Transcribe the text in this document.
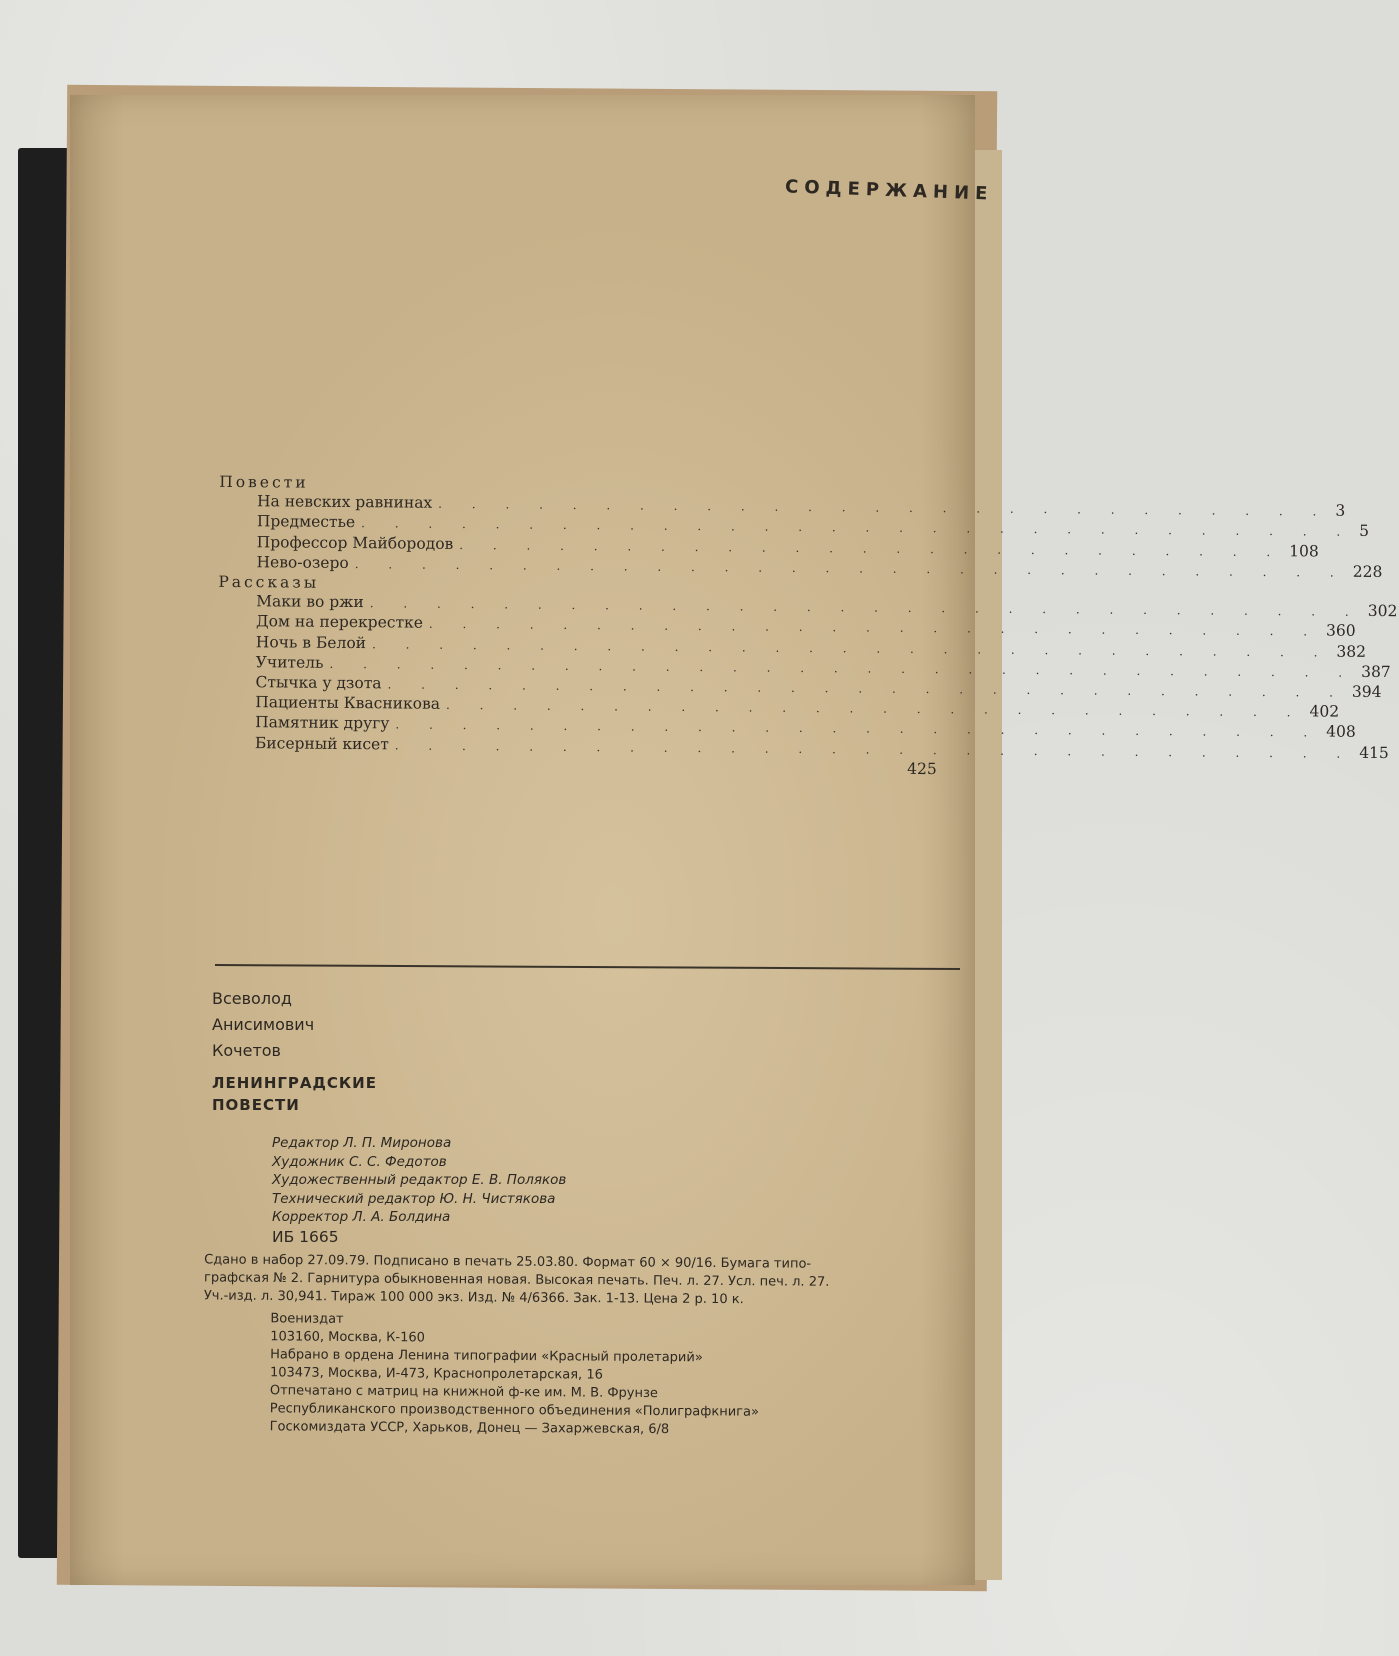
СОДЕРЖАНИЕ
Повести
На невских равнинах . . . . . . . . . . . . . . . . . . . . . . . . . . . 3
Предместье . . . . . . . . . . . . . . . . . . . . . . . . . . . . . . 5
Профессор Майбородов . . . . . . . . . . . . . . . . . . . . . . . . . 108
Нево-озеро . . . . . . . . . . . . . . . . . . . . . . . . . . . . . . 228
Рассказы
Маки во ржи . . . . . . . . . . . . . . . . . . . . . . . . . . . . . . 302
Дом на перекрестке . . . . . . . . . . . . . . . . . . . . . . . . . . . 360
Ночь в Белой . . . . . . . . . . . . . . . . . . . . . . . . . . . . . 382
Учитель . . . . . . . . . . . . . . . . . . . . . . . . . . . . . . . 387
Стычка у дзота . . . . . . . . . . . . . . . . . . . . . . . . . . . . . 394
Пациенты Квасникова . . . . . . . . . . . . . . . . . . . . . . . . . . 402
Памятник другу . . . . . . . . . . . . . . . . . . . . . . . . . . . . 408
Бисерный кисет . . . . . . . . . . . . . . . . . . . . . . . . . . . . . 415
425
Всеволод
Анисимович
Кочетов
ЛЕНИНГРАДСКИЕ
ПОВЕСТИ
Редактор Л. П. Миронова
Художник С. С. Федотов
Художественный редактор Е. В. Поляков
Технический редактор Ю. Н. Чистякова
Корректор Л. А. Болдина
ИБ 1665
Сдано в набор 27.09.79. Подписано в печать 25.03.80. Формат 60 × 90/16. Бумага типо-
графская № 2. Гарнитура обыкновенная новая. Высокая печать. Печ. л. 27. Усл. печ. л. 27.
Уч.-изд. л. 30,941. Тираж 100 000 экз. Изд. № 4/6366. Зак. 1-13. Цена 2 р. 10 к.
Воениздат
103160, Москва, К-160
Набрано в ордена Ленина типографии «Красный пролетарий»
103473, Москва, И-473, Краснопролетарская, 16
Отпечатано с матриц на книжной ф-ке им. М. В. Фрунзе
Республиканского производственного объединения «Полиграфкнига»
Госкомиздата УССР, Харьков, Донец — Захаржевская, 6/8
